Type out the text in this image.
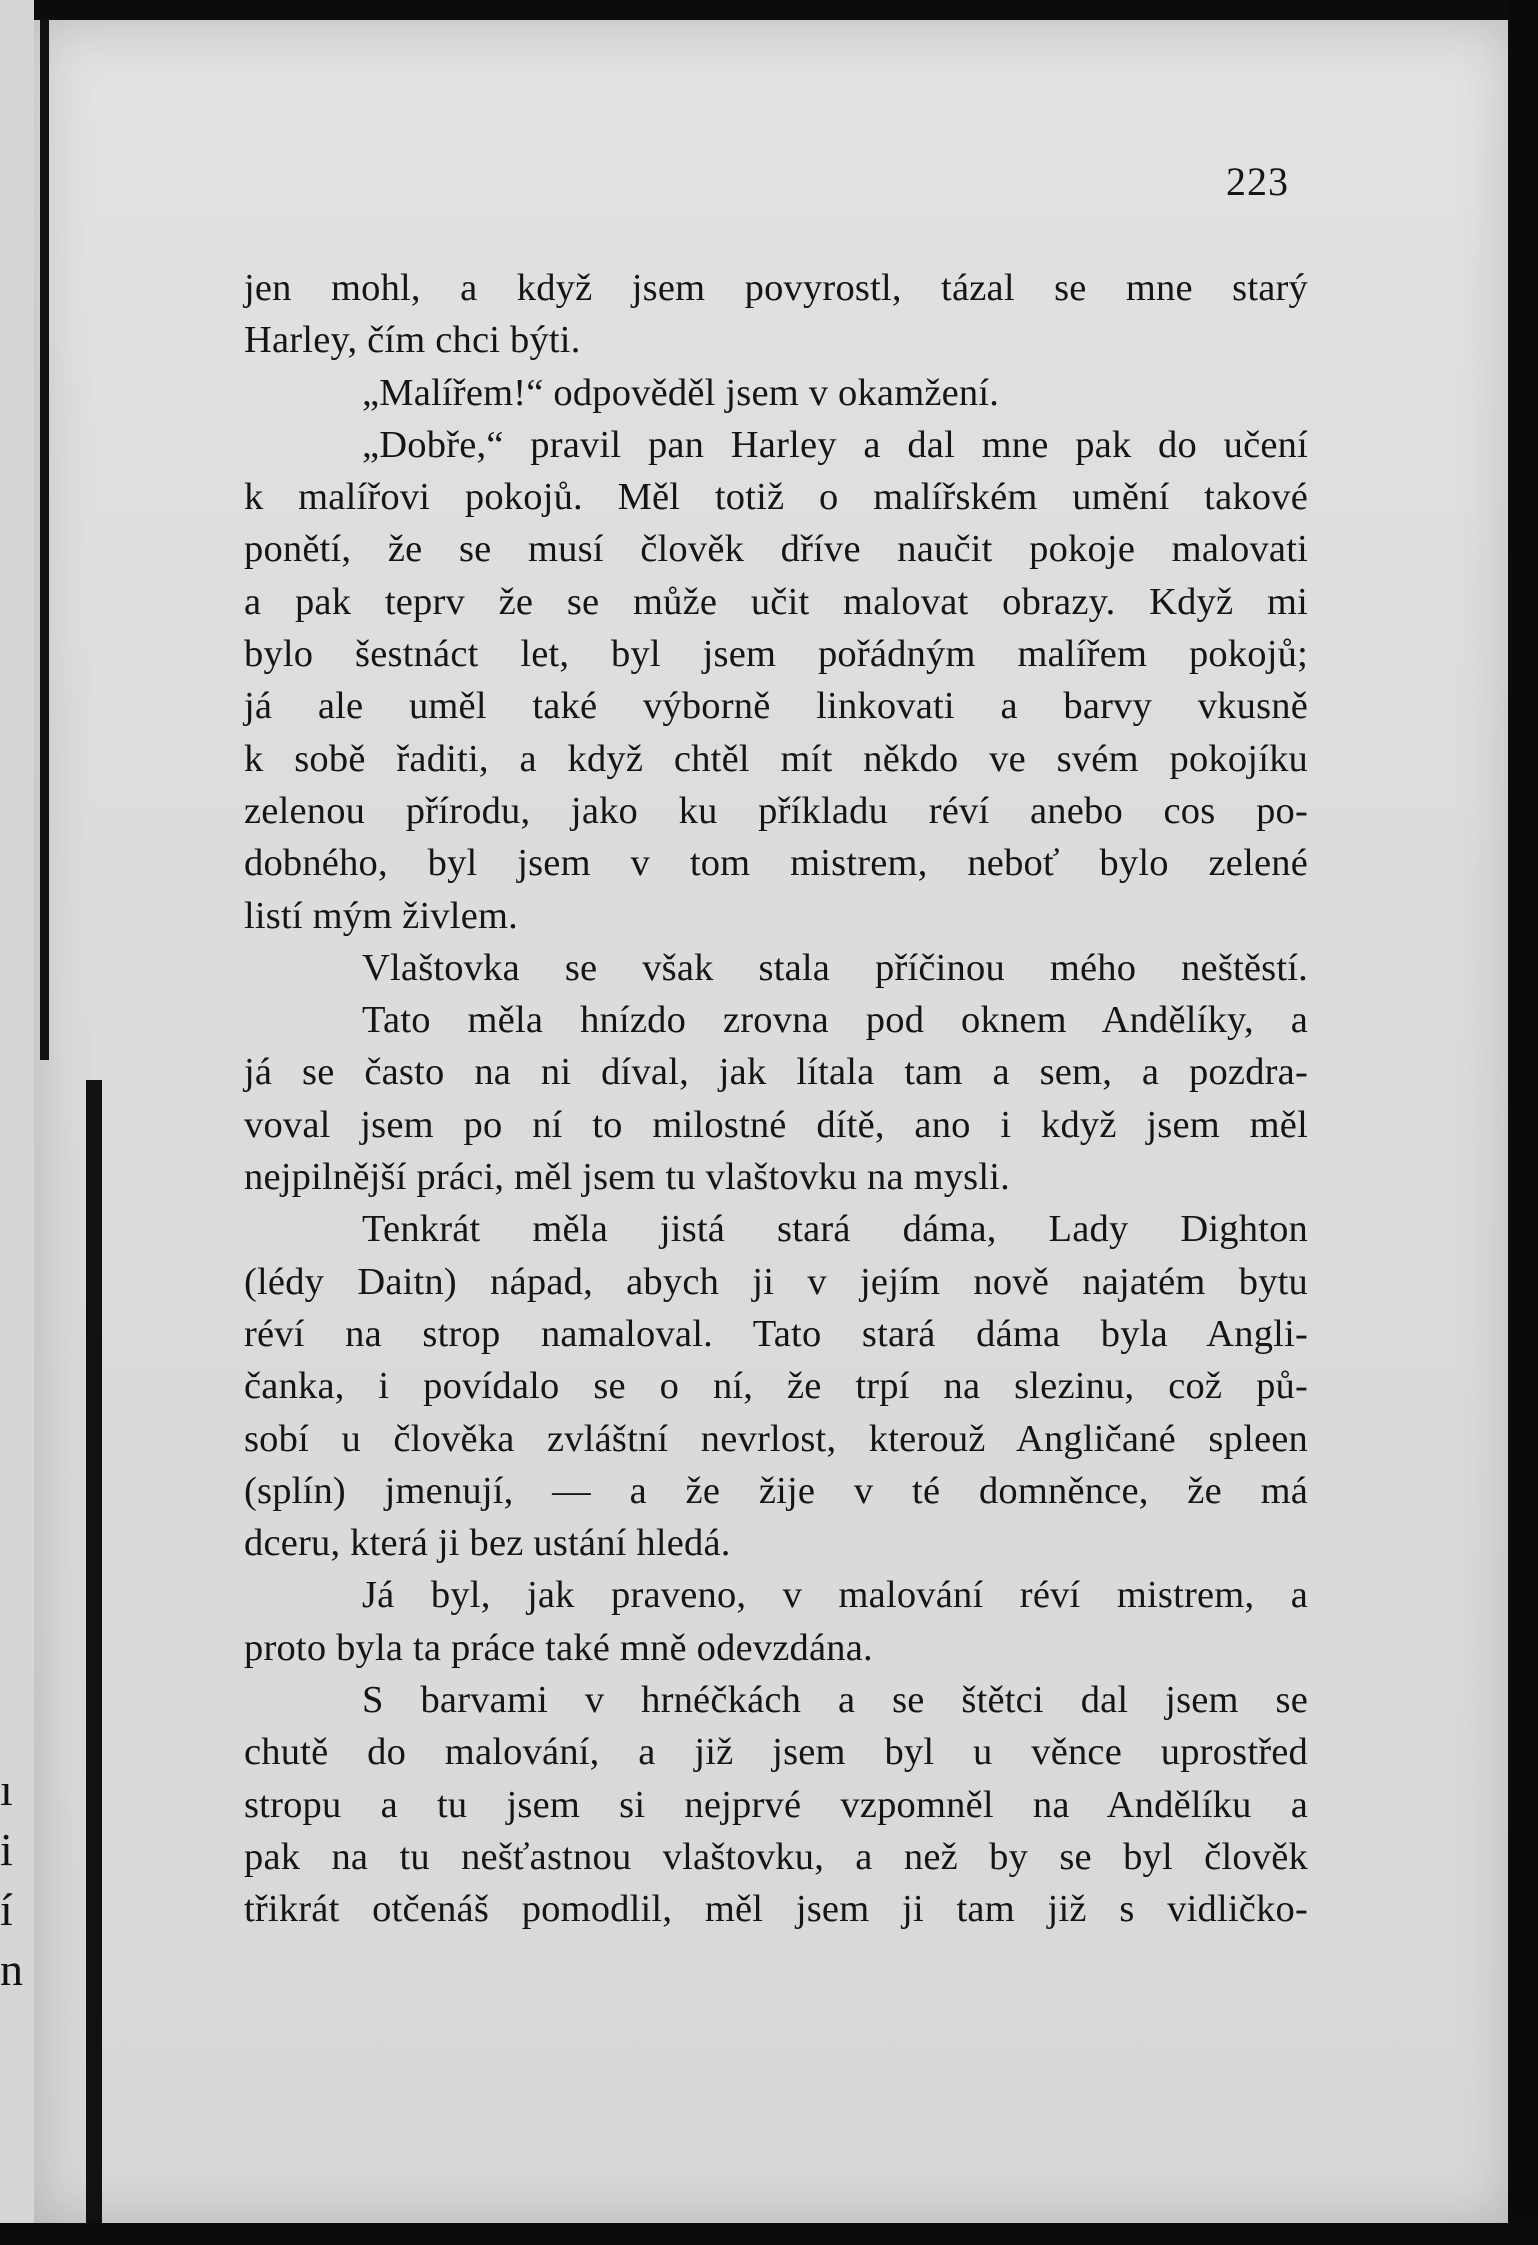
ı
i
í
n
223
jen mohl, a když jsem povyrostl, tázal se mne starý
Harley, čím chci býti.
„Malířem!“ odpověděl jsem v okamžení.
„Dobře,“ pravil pan Harley a dal mne pak do učení
k malířovi pokojů. Měl totiž o malířském umění takové
ponětí, že se musí člověk dříve naučit pokoje malovati
a pak teprv že se může učit malovat obrazy. Když mi
bylo šestnáct let, byl jsem pořádným malířem pokojů;
já ale uměl také výborně linkovati a barvy vkusně
k sobě řaditi, a když chtěl mít někdo ve svém pokojíku
zelenou přírodu, jako ku příkladu réví anebo cos po-
dobného, byl jsem v tom mistrem, neboť bylo zelené
listí mým živlem.
Vlaštovka se však stala příčinou mého neštěstí.
Tato měla hnízdo zrovna pod oknem Andělíky, a
já se často na ni díval, jak lítala tam a sem, a pozdra-
voval jsem po ní to milostné dítě, ano i když jsem měl
nejpilnější práci, měl jsem tu vlaštovku na mysli.
Tenkrát měla jistá stará dáma, Lady Dighton
(lédy Daitn) nápad, abych ji v jejím nově najatém bytu
réví na strop namaloval. Tato stará dáma byla Angli-
čanka, i povídalo se o ní, že trpí na slezinu, což pů-
sobí u člověka zvláštní nevrlost, kterouž Angličané spleen
(splín) jmenují, — a že žije v té domněnce, že má
dceru, která ji bez ustání hledá.
Já byl, jak praveno, v malování réví mistrem, a
proto byla ta práce také mně odevzdána.
S barvami v hrnéčkách a se štětci dal jsem se
chutě do malování, a již jsem byl u věnce uprostřed
stropu a tu jsem si nejprvé vzpomněl na Andělíku a
pak na tu nešťastnou vlaštovku, a než by se byl člověk
třikrát otčenáš pomodlil, měl jsem ji tam již s vidličko-
